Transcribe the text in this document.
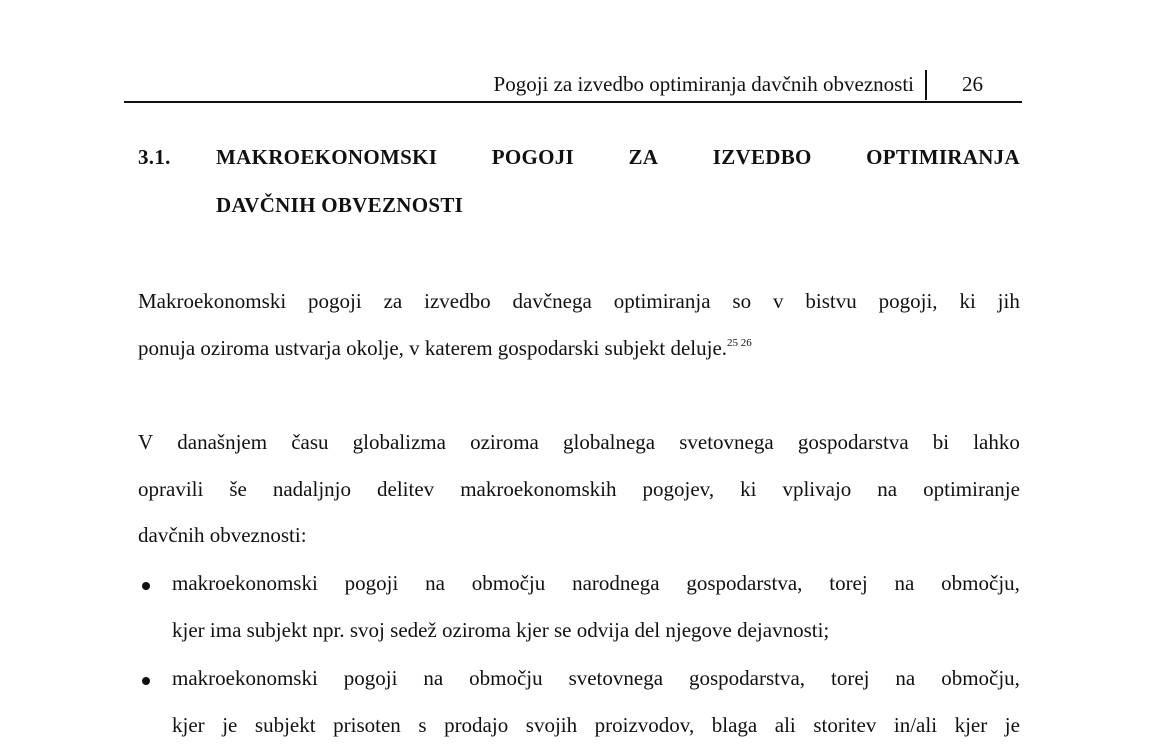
Pogoji za izvedbo optimiranja davčnih obveznosti 26
3.1. MAKROEKONOMSKI	POGOJI	ZA	IZVEDBO	OPTIMIRANJA
DAVČNIH OBVEZNOSTI
Makroekonomski pogoji za izvedbo davčnega optimiranja so v bistvu pogoji, ki jih
ponuja oziroma ustvarja okolje, v katerem gospodarski subjekt deluje.$^{25 26}$
V današnjem času globalizma oziroma globalnega svetovnega gospodarstva bi lahko
opravili še nadaljnjo delitev makroekonomskih pogojev, ki vplivajo na optimiranje
davčnih obveznosti:
makroekonomski pogoji na območju narodnega gospodarstva, torej na območju,
kjer ima subjekt npr. svoj sedež oziroma kjer se odvija del njegove dejavnosti;
makroekonomski pogoji na območju svetovnega gospodarstva, torej na območju,
kjer je subjekt prisoten s prodajo svojih proizvodov, blaga ali storitev in/ali kjer je
